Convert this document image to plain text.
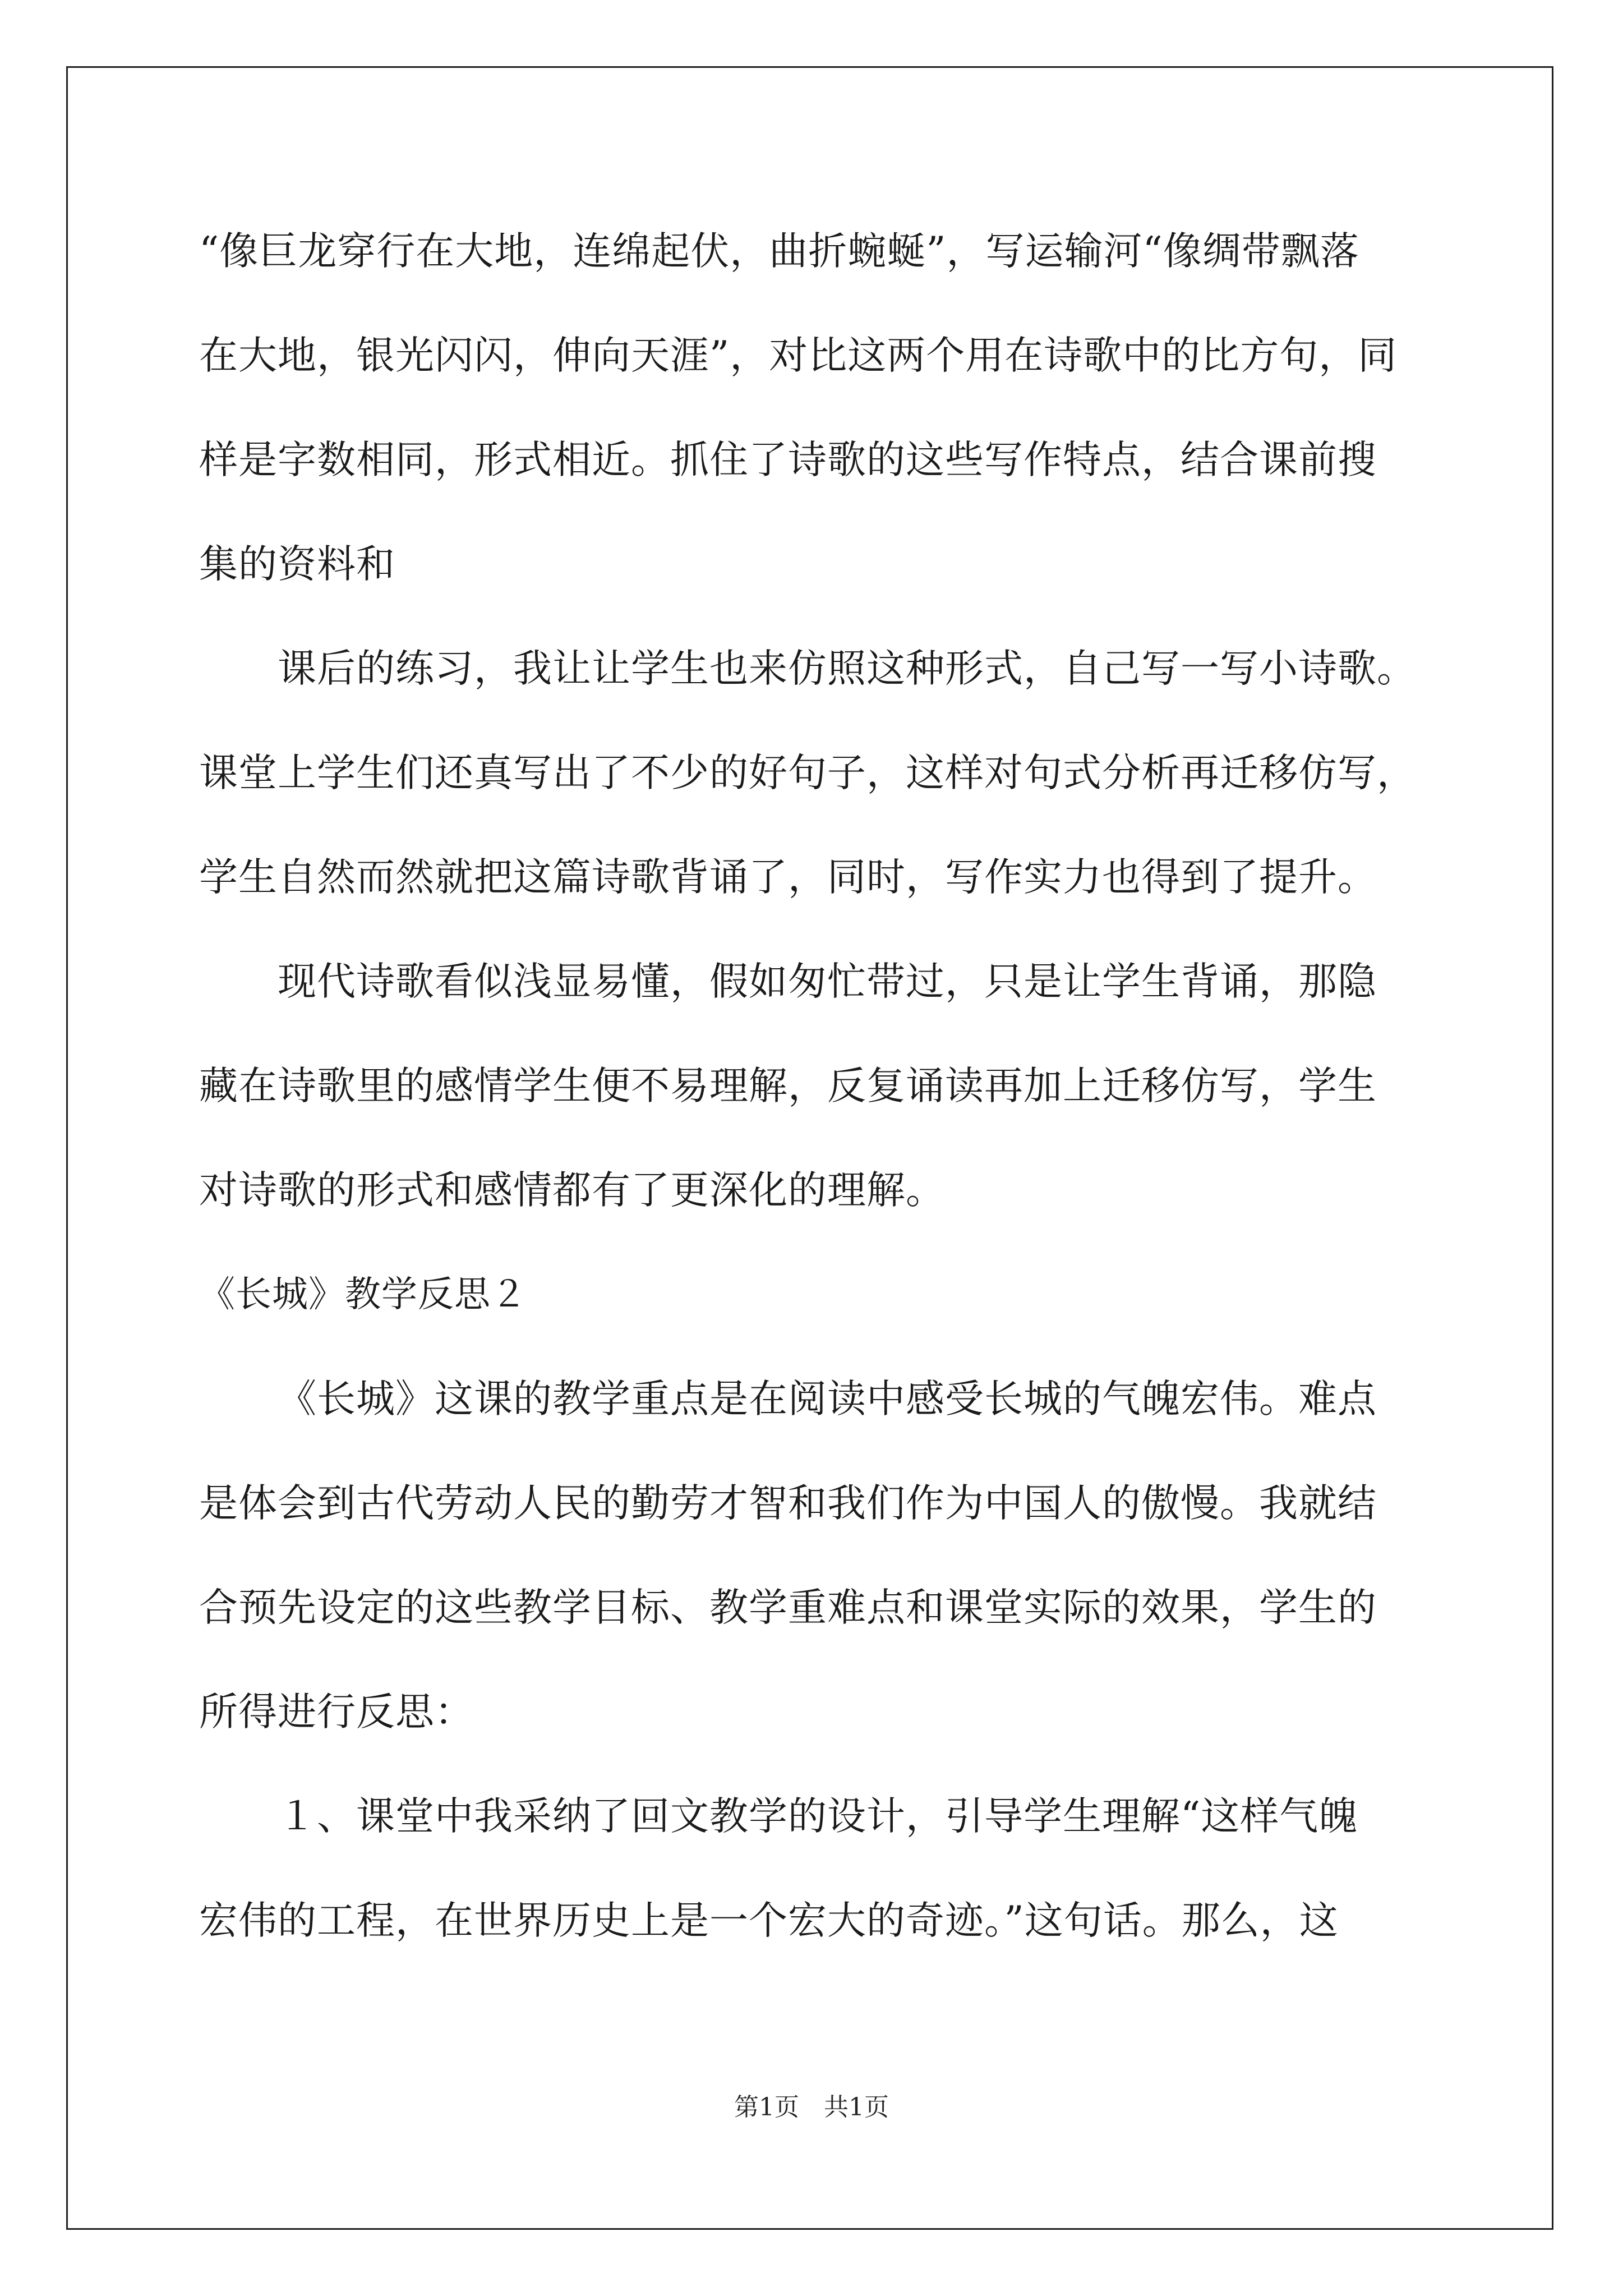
“像巨龙穿行在大地，连绵起伏，曲折蜿蜒”，写运输河“像绸带飘落
在大地，银光闪闪，伸向天涯”，对比这两个用在诗歌中的比方句，同
样是字数相同，形式相近。抓住了诗歌的这些写作特点，结合课前搜
集的资料和
课后的练习，我让让学生也来仿照这种形式，自己写一写小诗歌。
课堂上学生们还真写出了不少的好句子，这样对句式分析再迁移仿写，
学生自然而然就把这篇诗歌背诵了，同时，写作实力也得到了提升。
现代诗歌看似浅显易懂，假如匆忙带过，只是让学生背诵，那隐
藏在诗歌里的感情学生便不易理解，反复诵读再加上迁移仿写，学生
对诗歌的形式和感情都有了更深化的理解。
《长城》教学反思２
《长城》这课的教学重点是在阅读中感受长城的气魄宏伟。难点
是体会到古代劳动人民的勤劳才智和我们作为中国人的傲慢。我就结
合预先设定的这些教学目标、教学重难点和课堂实际的效果，学生的
所得进行反思：
１、课堂中我采纳了回文教学的设计，引导学生理解“这样气魄
宏伟的工程，在世界历史上是一个宏大的奇迹。”这句话。那么，这
第1页　共1页
